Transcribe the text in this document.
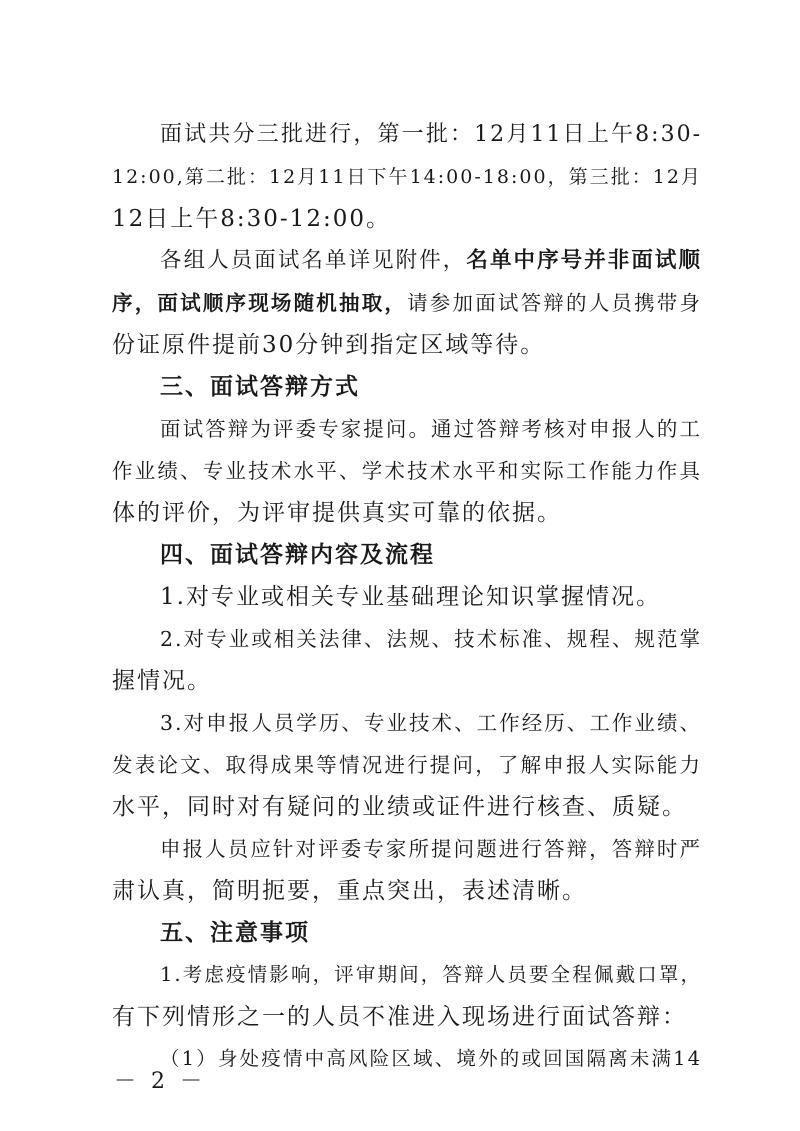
面试共分三批进行，第一批：12月11日上午8:30-
12:00,第二批：12月11日下午14:00-18:00，第三批：12月
12日上午8:30-12:00。
各组人员面试名单详见附件，名单中序号并非面试顺
序，面试顺序现场随机抽取，请参加面试答辩的人员携带身
份证原件提前30分钟到指定区域等待。
三、面试答辩方式
面试答辩为评委专家提问。通过答辩考核对申报人的工
作业绩、专业技术水平、学术技术水平和实际工作能力作具
体的评价，为评审提供真实可靠的依据。
四、面试答辩内容及流程
1.对专业或相关专业基础理论知识掌握情况。
2.对专业或相关法律、法规、技术标准、规程、规范掌
握情况。
3.对申报人员学历、专业技术、工作经历、工作业绩、
发表论文、取得成果等情况进行提问，了解申报人实际能力
水平，同时对有疑问的业绩或证件进行核查、质疑。
申报人员应针对评委专家所提问题进行答辩，答辩时严
肃认真，简明扼要，重点突出，表述清晰。
五、注意事项
1.考虑疫情影响，评审期间，答辩人员要全程佩戴口罩，
有下列情形之一的人员不准进入现场进行面试答辩：
（1）身处疫情中高风险区域、境外的或回国隔离未满14
－ 2 －
